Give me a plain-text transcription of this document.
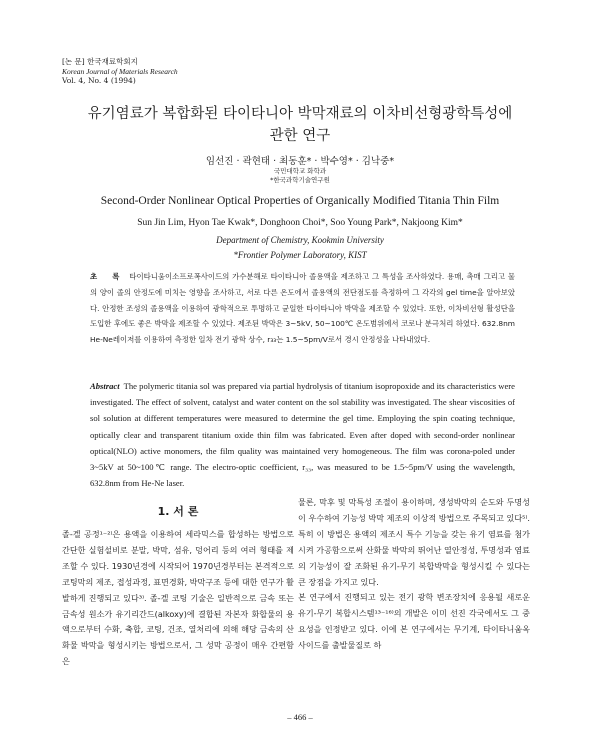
[논 문] 한국재료학회지
Korean Journal of Materials Research
Vol. 4, No. 4 (1994)
유기염료가 복합화된 타이타니아 박막재료의 이차비선형광학특성에
관한 연구
임선진 · 곽현태 · 최동훈* · 박수영* · 김낙중*
국민대학교 화학과
*한국과학기술연구원
Second-Order Nonlinear Optical Properties of Organically Modified Titania Thin Film
Sun Jin Lim, Hyon Tae Kwak*, Donghoon Choi*, Soo Young Park*, Nakjoong Kim*
Department of Chemistry, Kookmin University
*Frontier Polymer Laboratory, KIST
초 록 타이타니움이소프로폭사이드의 가수분해로 타이타니아 졸용액을 제조하고 그 특성을 조사하였다. 용매, 촉매 그리고 물의 양이 졸의 안정도에 미치는 영향을 조사하고, 서로 다른 온도에서 졸용액의 전단점도를 측정하여 그 각각의 gel time을 알아보았다. 안정한 조성의 졸용액을 이용하여 광학적으로 투명하고 균일한 타이타니아 박막을 제조할 수 있었다. 또한, 이차비선형 활성단을 도입한 후에도 좋은 박막을 제조할 수 있었다. 제조된 박막은 3~5kV, 50~100℃ 온도범위에서 코로나 분극처리 하였다. 632.8nm He-Ne레이저를 이용하여 측정한 일차 전기 광학 상수, r₃₃는 1.5~5pm/V로서 경시 안정성을 나타내었다.
Abstract The polymeric titania sol was prepared via partial hydrolysis of titanium isopropoxide and its characteristics were investigated. The effect of solvent, catalyst and water content on the sol stability was investigated. The shear viscosities of sol solution at different temperatures were measured to determine the gel time. Employing the spin coating technique, optically clear and transparent titanium oxide thin film was fabricated. Even after doped with second-order nonlinear optical(NLO) active monomers, the film quality was maintained very homogeneous. The film was corona-poled under 3~5kV at 50~100℃ range. The electro-optic coefficient, r₃₃, was measured to be 1.5~5pm/V using the wavelength, 632.8nm from He-Ne laser.
1. 서 론
졸-겔 공정¹⁻²⁾은 용액을 이용하여 세라믹스를 합성하는 방법으로 간단한 실험설비로 분말, 박막, 섬유, 덩어리 등의 여러 형태를 제조할 수 있다. 1930년경에 시작되어 1970년경부터는 본격적으로 코팅막의 제조, 접성과정, 표면경화, 박막구조 등에 대한 연구가 활발하게 진행되고 있다³⁾. 졸-겔 코팅 기술은 일반적으로 금속 또는 금속성 원소가 유기리간드(alkoxy)에 결합된 자본자 화합물의 용액으로부터 수화, 축합, 코팅, 건조, 열처리에 의해 해당 금속의 산화물 박막을 형성시키는 방법으로서, 그 성막 공정이 매우 간편함은
물론, 막후 및 막특성 조절이 용이하며, 생성박막의 순도와 두명성이 우수하여 기능성 박막 제조의 이상적 방법으로 주목되고 있다⁵⁾. 특히 이 방법은 용액의 제조시 특수 기능을 갖는 유기 염료를 첨가시켜 가공함으로써 산화물 박막의 뛰어난 열안정성, 투명성과 염료의 기능성이 잘 조화된 유기-무기 복합박막을 형성시킬 수 있다는 큰 장점을 가지고 있다.
본 연구에서 진행되고 있는 전기 광학 변조장치에 응용될 새로운 유기-무기 복합시스템¹³⁻¹⁶⁾의 개발은 이미 선진 각국에서도 그 중요성을 인정받고 있다. 이에 본 연구에서는 무기계, 타이타니움옥사이드를 출발물질로 하
– 466 –
